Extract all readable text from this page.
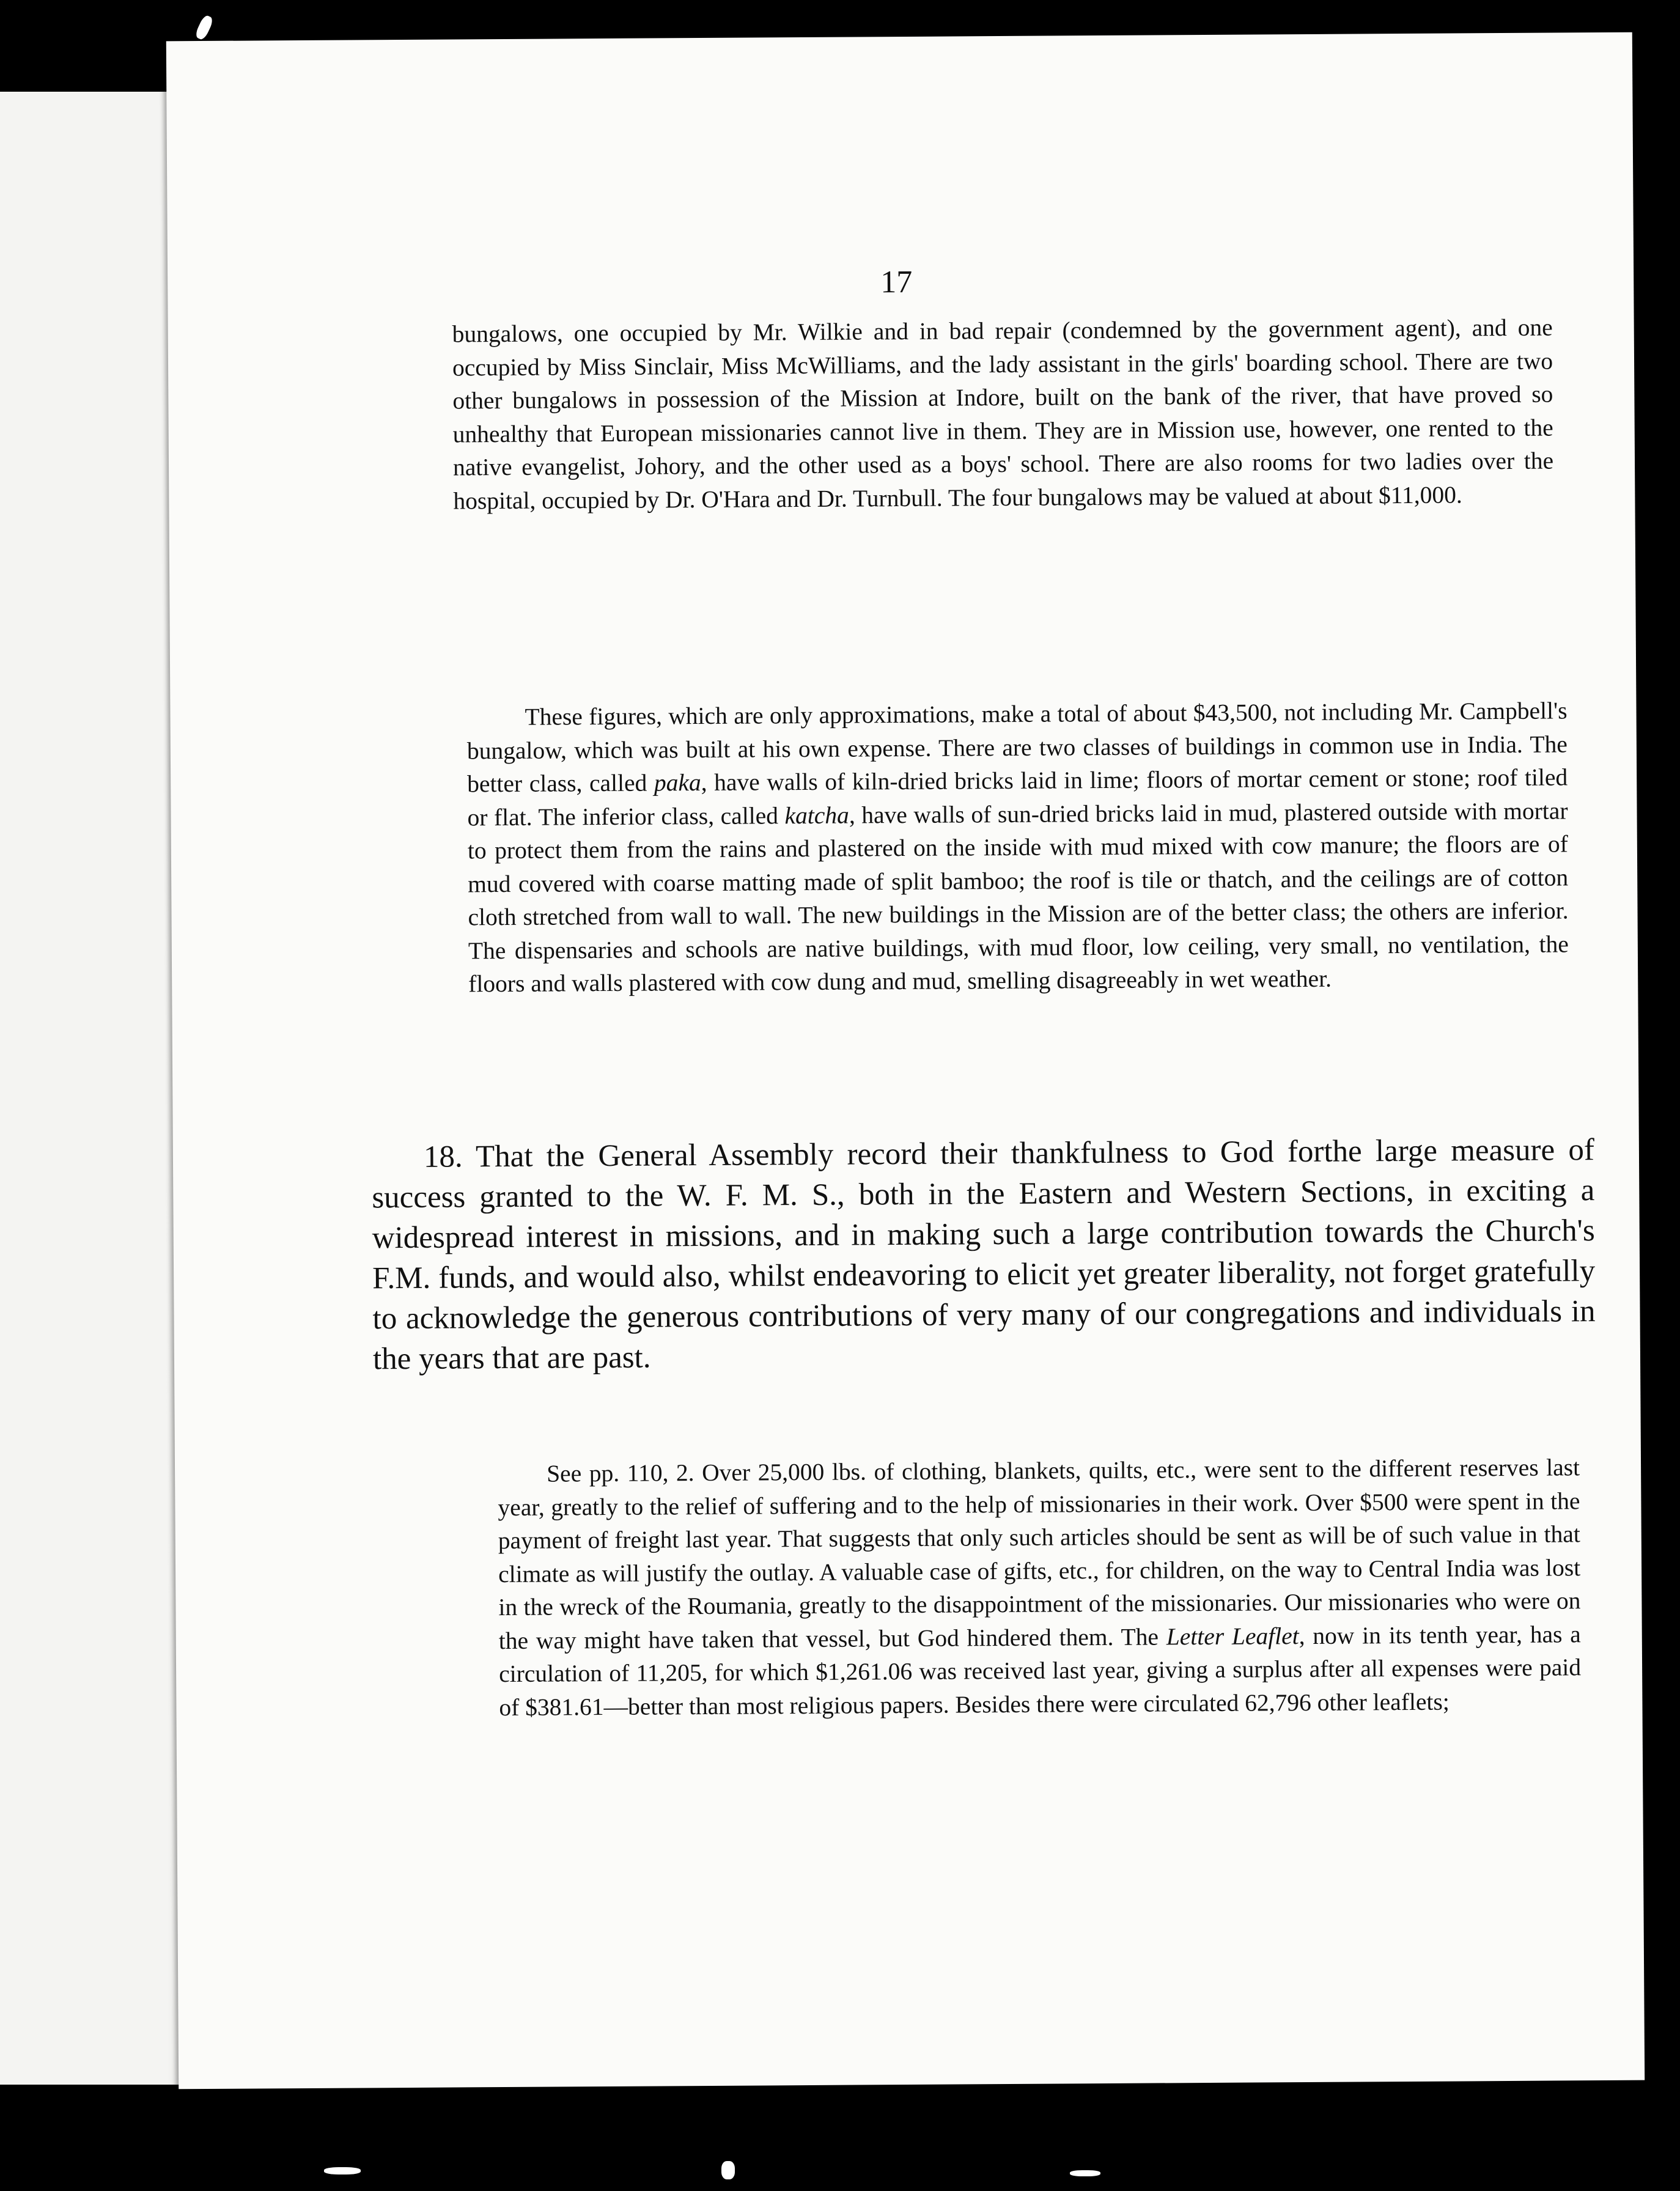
17

bungalows, one occupied by Mr. Wilkie and in bad repair (condemned by the government agent), and one occupied by Miss Sinclair, Miss McWilliams, and the lady assistant in the girls' boarding school. There are two other bungalows in possession of the Mission at Indore, built on the bank of the river, that have proved so unhealthy that European missionaries cannot live in them. They are in Mission use, however, one rented to the native evangelist, Johory, and the other used as a boys' school. There are also rooms for two ladies over the hospital, occupied by Dr. O'Hara and Dr. Turnbull. The four bungalows may be valued at about $11,000.

These figures, which are only approximations, make a total of about $43,500, not including Mr. Campbell's bungalow, which was built at his own expense. There are two classes of buildings in common use in India. The better class, called paka, have walls of kiln-dried bricks laid in lime; floors of mortar cement or stone; roof tiled or flat. The inferior class, called katcha, have walls of sun-dried bricks laid in mud, plastered outside with mortar to protect them from the rains and plastered on the inside with mud mixed with cow manure; the floors are of mud covered with coarse matting made of split bamboo; the roof is tile or thatch, and the ceilings are of cotton cloth stretched from wall to wall. The new buildings in the Mission are of the better class; the others are inferior. The dispensaries and schools are native buildings, with mud floor, low ceiling, very small, no ventilation, the floors and walls plastered with cow dung and mud, smelling disagreeably in wet weather.

18. That the General Assembly record their thankfulness to God forthe large measure of success granted to the W. F. M. S., both in the Eastern and Western Sections, in exciting a widespread interest in missions, and in making such a large contribution towards the Church's F.M. funds, and would also, whilst endeavoring to elicit yet greater liberality, not forget gratefully to acknowledge the generous contributions of very many of our congregations and individuals in the years that are past.

See pp. 110, 2. Over 25,000 lbs. of clothing, blankets, quilts, etc., were sent to the different reserves last year, greatly to the relief of suffering and to the help of missionaries in their work. Over $500 were spent in the payment of freight last year. That suggests that only such articles should be sent as will be of such value in that climate as will justify the outlay. A valuable case of gifts, etc., for children, on the way to Central India was lost in the wreck of the Roumania, greatly to the disappointment of the missionaries. Our missionaries who were on the way might have taken that vessel, but God hindered them. The Letter Leaflet, now in its tenth year, has a circulation of 11,205, for which $1,261.06 was received last year, giving a surplus after all expenses were paid of $381.61—better than most religious papers. Besides there were circulated 62,796 other leaflets;
